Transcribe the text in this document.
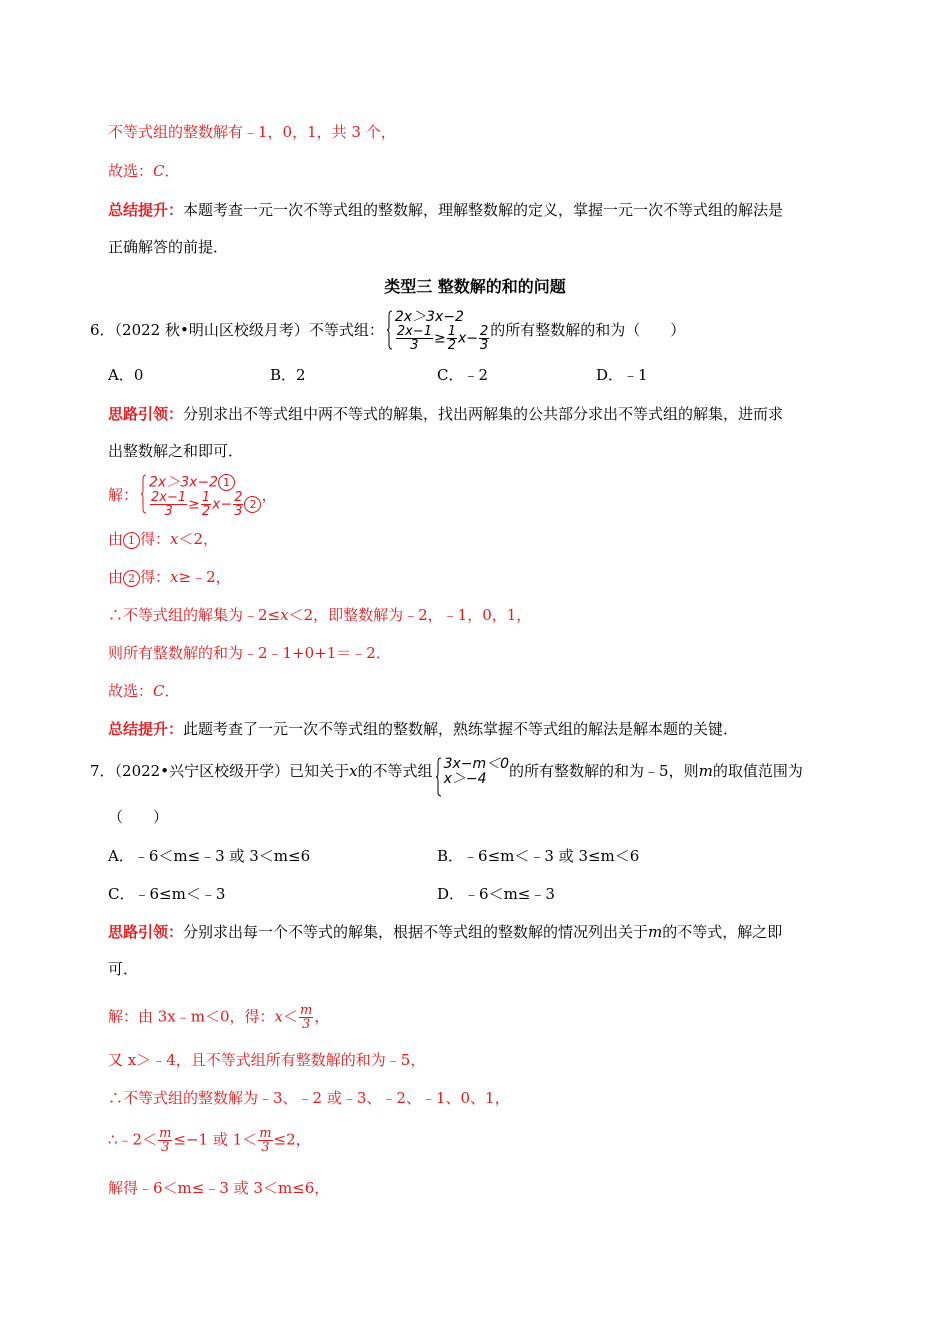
不等式组的整数解有﹣1，0，1，共 3 个，
故选：C．
总结提升：本题考查一元一次不等式组的整数解，理解整数解的定义，掌握一元一次不等式组的解法是
正确解答的前提．
类型三 整数解的和的问题
6．（2022 秋•明山区校级月考）不等式组：
2x＞3x−2
$\frac{2x-1}{3} \ge \frac{1}{2} x- \frac{2}{3}$ 的所有整数解的和为（　　）
A．0	B．2	C．﹣2	D．﹣1
思路引领：分别求出不等式组中两不等式的解集，找出两解集的公共部分求出不等式组的解集，进而求
出整数解之和即可．
解：
2x＞3x−2 1
$\frac{2x-1}{3} \ge \frac{1}{2} x- \frac{2}{3} 2$
，
由 1 得：x＜2，
由 2 得：x≥﹣2，
∴不等式组的解集为﹣2≤x＜2，即整数解为﹣2，﹣1，0，1，
则所有整数解的和为﹣2﹣1+0+1＝﹣2．
故选：C．
总结提升：此题考查了一元一次不等式组的整数解，熟练掌握不等式组的解法是解本题的关键．
7．（2022•兴宁区校级开学）已知关于x的不等式组 3x−m＜0
x＞−4	的所有整数解的和为﹣5，则m的取值范围为
（　　）
A．﹣6＜m≤﹣3 或 3＜m≤6	B．﹣6≤m＜﹣3 或 3≤m＜6
C．﹣6≤m＜﹣3	D．﹣6＜m≤﹣3
思路引领：分别求出每一个不等式的解集，根据不等式组的整数解的情况列出关于m的不等式，解之即
可．
解：由 3x﹣m＜0，得：$x< \frac{m}{3}$ ，
又 x＞﹣4，且不等式组所有整数解的和为﹣5，
∴不等式组的整数解为﹣3、﹣2 或﹣3、﹣2、﹣1、0、1，
∴﹣2＜ $\frac{m}{3} \le-1$ 或 $1< \frac{m}{3} \le 2$，
解得﹣6＜m≤﹣3 或 3＜m≤6，
